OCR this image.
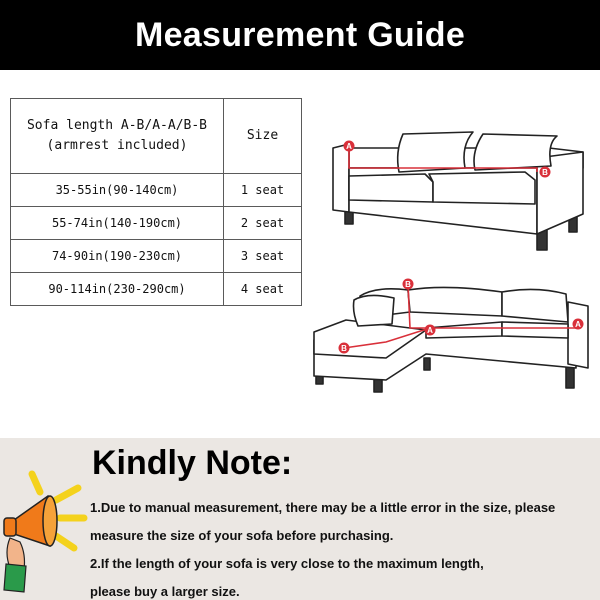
Measurement Guide
Sofa length A-B/A-A/B-B
(armrest included)	Size
35-55in(90-140cm)	1 seat
55-74in(140-190cm)	2 seat
74-90in(190-230cm)	3 seat
90-114in(230-290cm)	4 seat
A
B
A
A
B
B
Kindly Note:
1.Due to manual measurement, there may be a little error in the size, please
measure the size of your sofa before purchasing.
2.If the length of your sofa is very close to the maximum length,
please buy a larger size.
